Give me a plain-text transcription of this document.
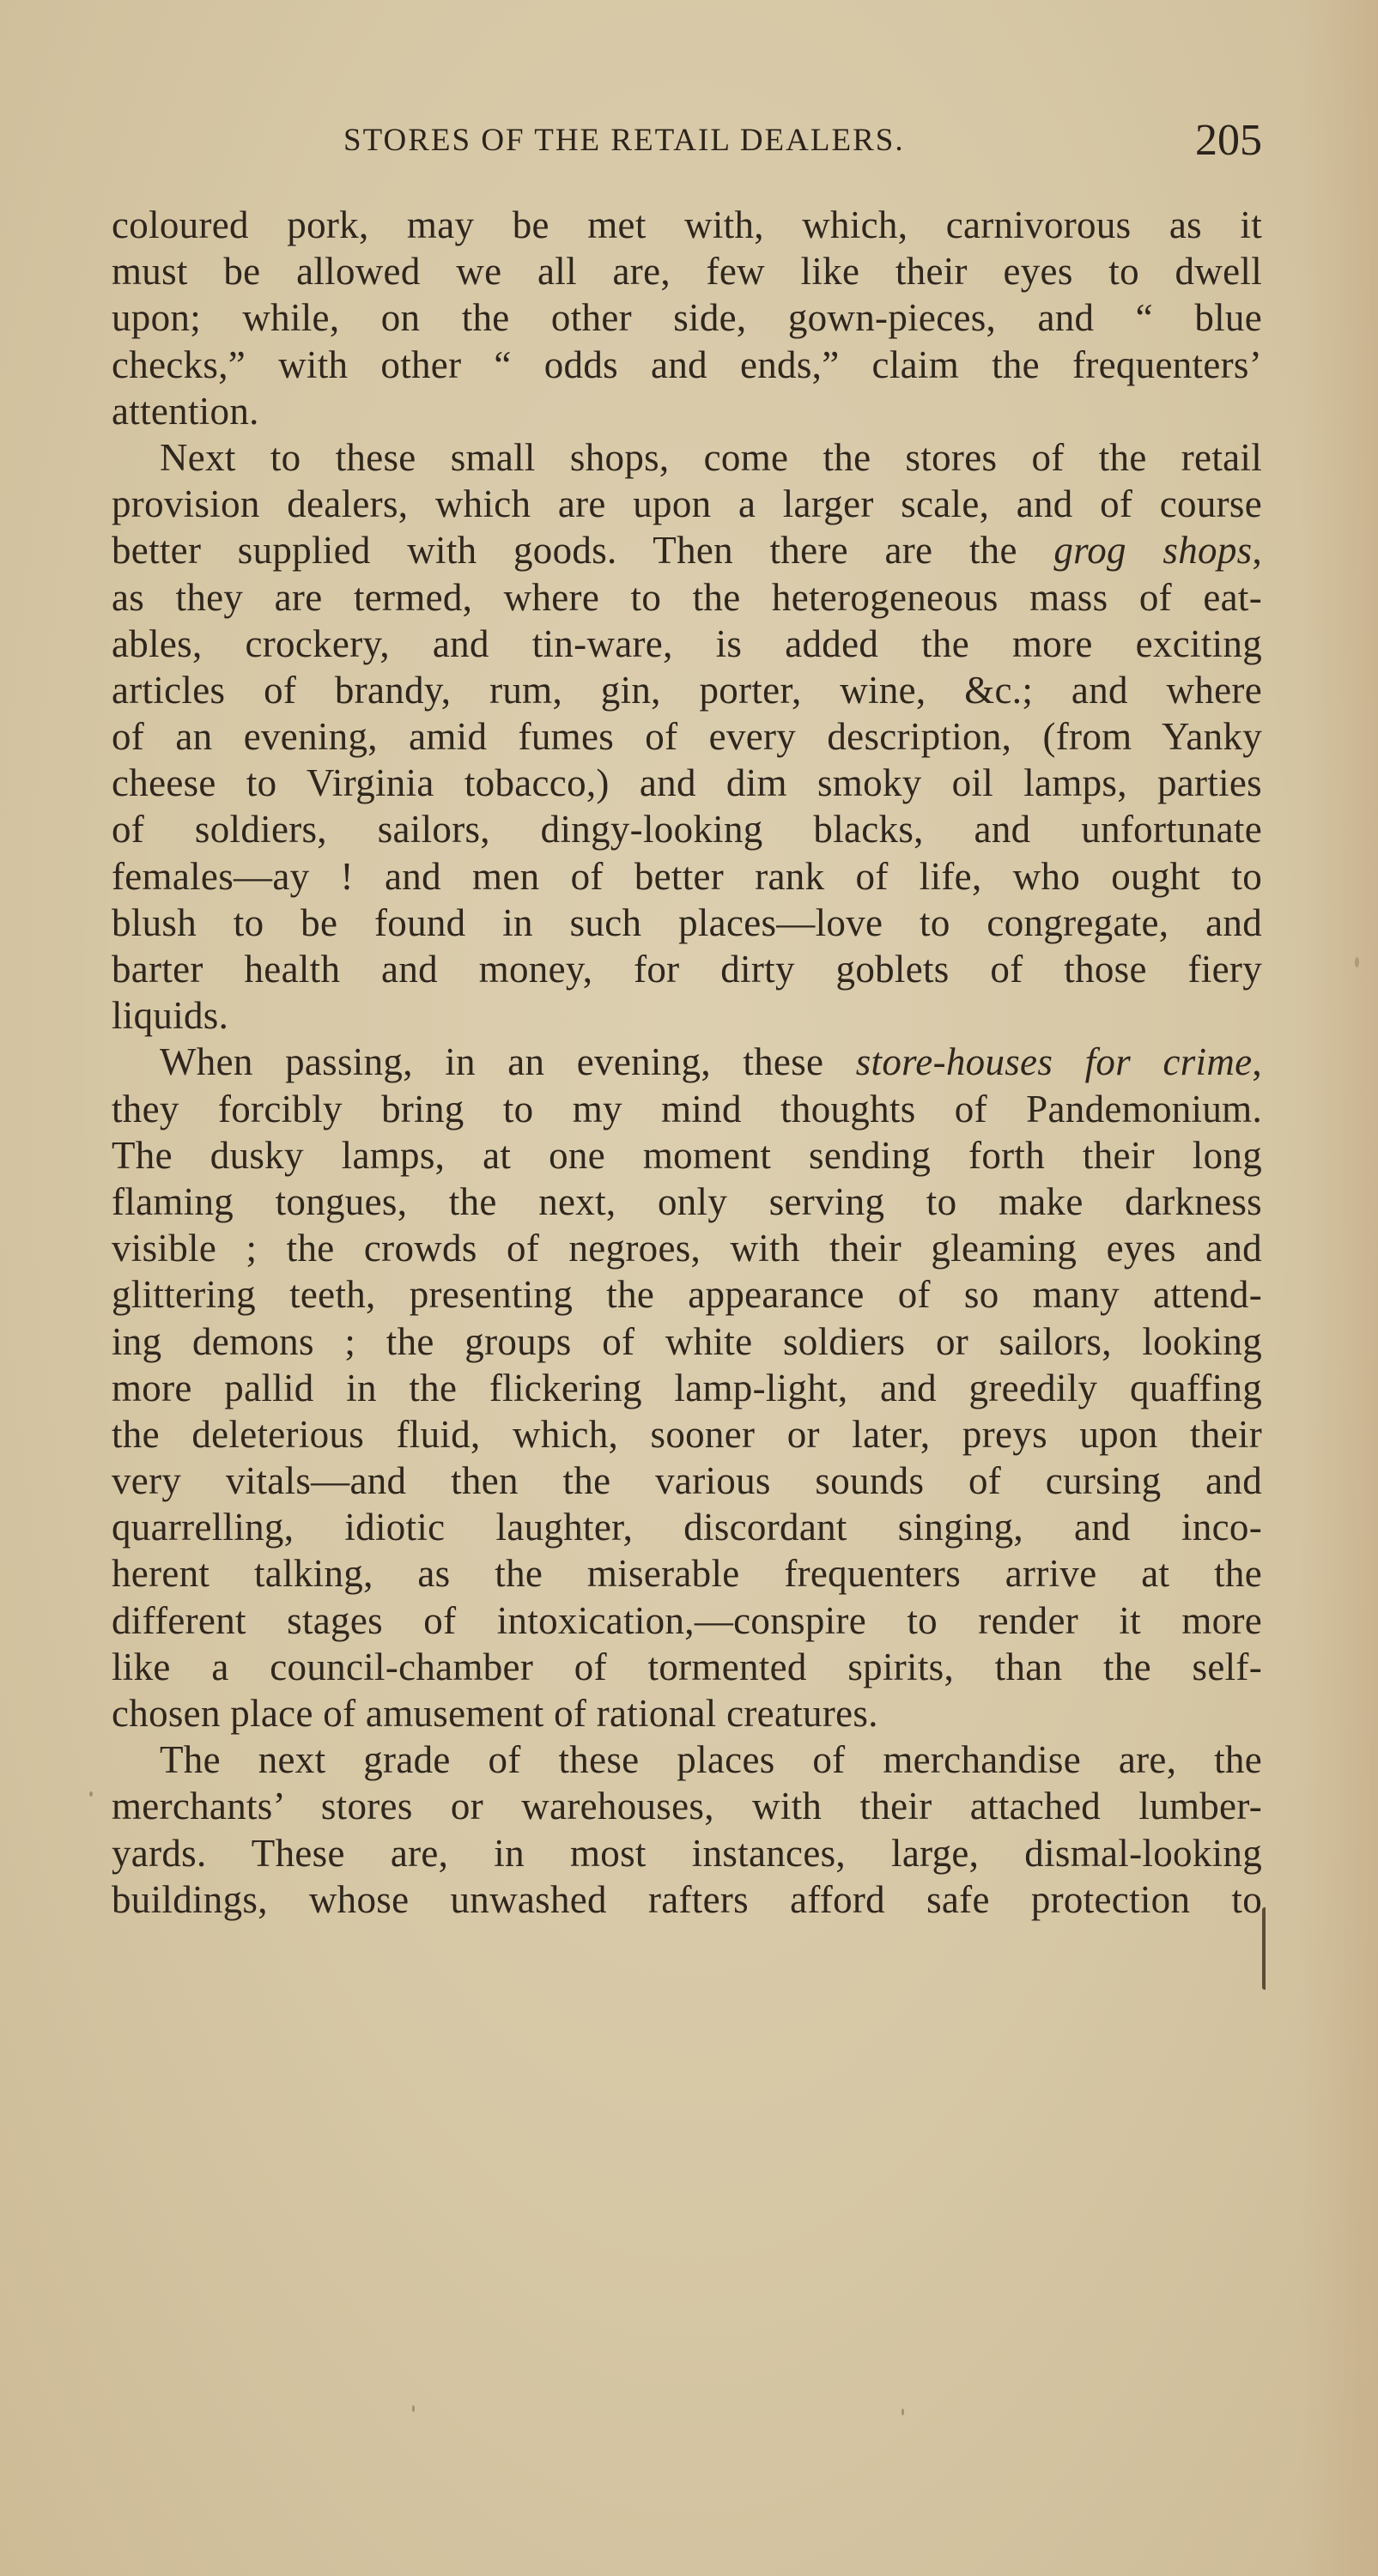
STORES OF THE RETAIL DEALERS.	205
coloured pork, may be met with, which, carnivorous as it
must be allowed we all are, few like their eyes to dwell
upon; while, on the other side, gown-pieces, and “ blue
checks,” with other “ odds and ends,” claim the frequenters’
attention.
Next to these small shops, come the stores of the retail
provision dealers, which are upon a larger scale, and of course
better supplied with goods. Then there are the grog shops,
as they are termed, where to the heterogeneous mass of eat-
ables, crockery, and tin-ware, is added the more exciting
articles of brandy, rum, gin, porter, wine, &c.; and where
of an evening, amid fumes of every description, (from Yanky
cheese to Virginia tobacco,) and dim smoky oil lamps, parties
of soldiers, sailors, dingy-looking blacks, and unfortunate
females—ay ! and men of better rank of life, who ought to
blush to be found in such places—love to congregate, and
barter health and money, for dirty goblets of those fiery
liquids.
When passing, in an evening, these store-houses for crime,
they forcibly bring to my mind thoughts of Pandemonium.
The dusky lamps, at one moment sending forth their long
flaming tongues, the next, only serving to make darkness
visible ; the crowds of negroes, with their gleaming eyes and
glittering teeth, presenting the appearance of so many attend-
ing demons ; the groups of white soldiers or sailors, looking
more pallid in the flickering lamp-light, and greedily quaffing
the deleterious fluid, which, sooner or later, preys upon their
very vitals—and then the various sounds of cursing and
quarrelling, idiotic laughter, discordant singing, and inco-
herent talking, as the miserable frequenters arrive at the
different stages of intoxication,—conspire to render it more
like a council-chamber of tormented spirits, than the self-
chosen place of amusement of rational creatures.
The next grade of these places of merchandise are, the
merchants’ stores or warehouses, with their attached lumber-
yards. These are, in most instances, large, dismal-looking
buildings, whose unwashed rafters afford safe protection to
